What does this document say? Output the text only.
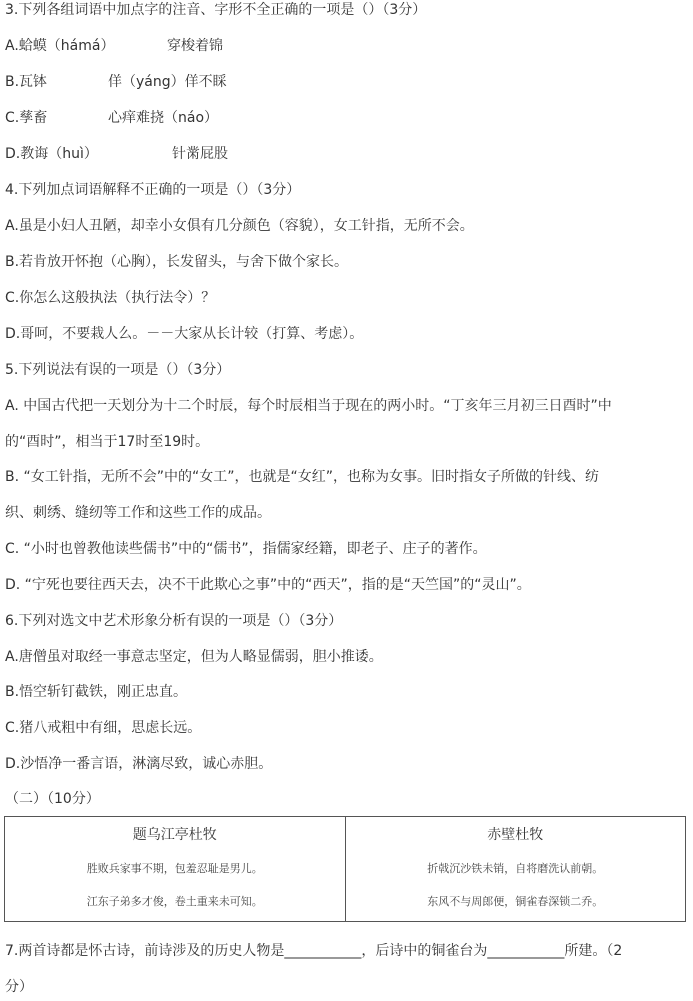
3.下列各组词语中加点字的注音、字形不全正确的一项是（）（3分）
A.蛤蟆（hámá）	穿梭着锦
B.瓦钵	佯（yáng）佯不睬
C.孳畜	心痒难挠（náo）
D.教诲（huì）	针黹屁股
4.下列加点词语解释不正确的一项是（）（3分）
A.虽是小妇人丑陋，却幸小女俱有几分颜色（容貌），女工针指，无所不会。
B.若肯放开怀抱（心胸），长发留头，与舍下做个家长。
C.你怎么这般执法（执行法令）？
D.哥呵，不要栽人么。－－大家从长计较（打算、考虑）。
5.下列说法有误的一项是（）（3分）
A. 中国古代把一天划分为十二个时辰，每个时辰相当于现在的两小时。“丁亥年三月初三日酉时”中
的“酉时”，相当于17时至19时。
B. “女工针指，无所不会”中的“女工”，也就是“女红”，也称为女事。旧时指女子所做的针线、纺
织、刺绣、缝纫等工作和这些工作的成品。
C. “小时也曾教他读些儒书”中的“儒书”，指儒家经籍，即老子、庄子的著作。
D. “宁死也要往西天去，决不干此欺心之事”中的“西天”，指的是“天竺国”的“灵山”。
6.下列对选文中艺术形象分析有误的一项是（）（3分）
A.唐僧虽对取经一事意志坚定，但为人略显儒弱，胆小推诿。
B.悟空斩钉截铁，刚正忠直。
C.猪八戒粗中有细，思虑长远。
D.沙悟净一番言语，淋漓尽致，诚心赤胆。
（二）（10分）
题乌江亭杜牧
胜败兵家事不期，包羞忍耻是男儿。
江东子弟多才俊，卷土重来未可知。

赤壁杜牧
折戟沉沙铁未销，自将磨洗认前朝。
东风不与周郎便，铜雀春深锁二乔。
7.两首诗都是怀古诗，前诗涉及的历史人物是___________，后诗中的铜雀台为___________所建。（2
分）
